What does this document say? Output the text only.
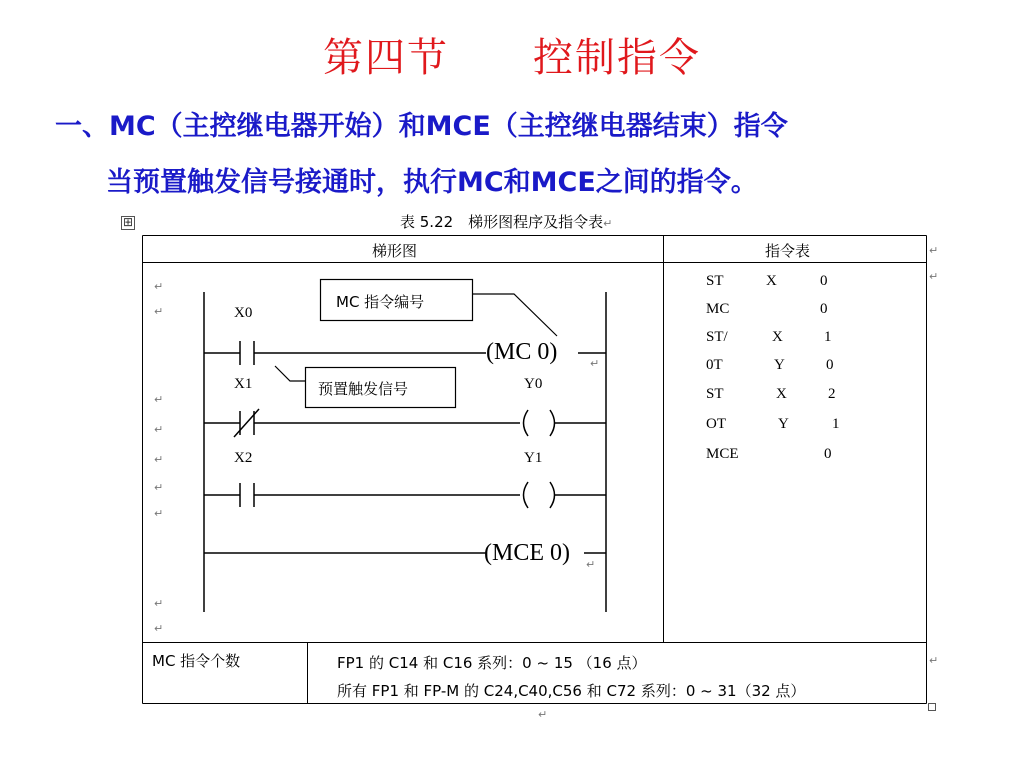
第四节　　控制指令
一、MC（主控继电器开始）和MCE（主控继电器结束）指令
当预置触发信号接通时，执行MC和MCE之间的指令。
⊞	表 5.22　梯形图程序及指令表↵
梯形图	指令表
MC 指令编号
预置触发信号
X0
X1
X2
Y0
Y1
(MC 0)
(MCE 0)
ST	X	0
MC	0
ST/	X	1
0T	Y	0
ST	X	2
OT	Y	1
MCE	0
MC 指令个数	FP1 的 C14 和 C16 系列：0 ~ 15 （16 点）
所有 FP1 和 FP-M 的 C24,C40,C56 和 C72 系列：0 ~ 31（32 点）
↵
↵
↵
↵
↵
↵
↵
↵
↵
↵
↵
↵
↵
↵
↵
